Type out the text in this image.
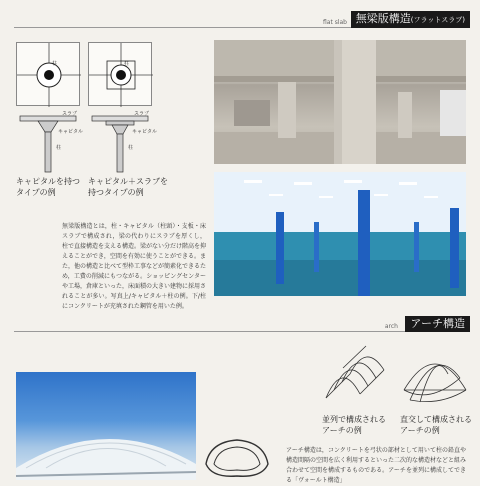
flat slab 無梁版構造(フラットスラブ)
柱
スラブ
キャピタル
柱
キャピタルを持つ
タイプの例
柱
スラブ
キャピタル
柱
キャピタル＋スラブを
持つタイプの例

無梁版構造とは，柱・キャピタル（柱頭）・支板・床スラブで構成され，梁の代わりにスラブを厚くし，柱で直接構造を支える構造。梁がない分だけ階高を抑えることができ，空間を有効に使うことができる。また，他の構造と比べて型枠工事などが簡素化できるため，工費の削減にもつながる。ショッピングセンターや工場，倉庫といった，床面積の大きい建物に採用されることが多い。写真上/キャピタル＋柱の例。下/柱にコンクリートが充填された鋼管を用いた例。

arch	アーチ構造
並列で構成される
アーチの例
直交して構成される
アーチの例

アーチ構造は，コンクリートを弓状の部材として用いて柱の鉛直や構造間隔の空間を広く利用するといった二次的な構造材などと組み合わせて空間を構成するものである。アーチを並列に構成してできる「ヴォールト構造」
